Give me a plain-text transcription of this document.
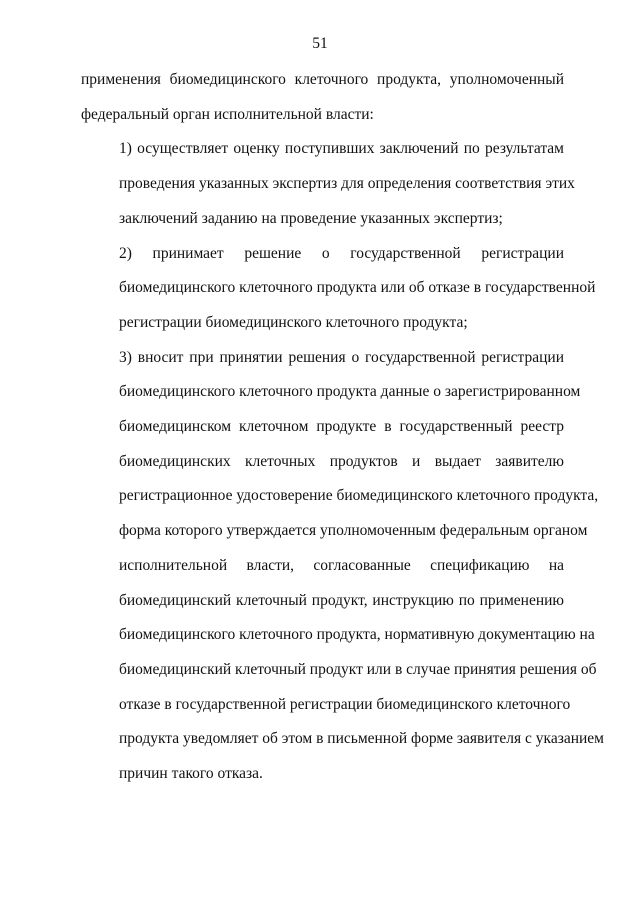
51

применения биомедицинского клеточного продукта, уполномоченный
федеральный орган исполнительной власти:

1) осуществляет оценку поступивших заключений по результатам
проведения указанных экспертиз для определения соответствия этих
заключений заданию на проведение указанных экспертиз;

2) принимает решение о государственной регистрации
биомедицинского клеточного продукта или об отказе в государственной
регистрации биомедицинского клеточного продукта;

3) вносит при принятии решения о государственной регистрации
биомедицинского клеточного продукта данные о зарегистрированном
биомедицинском клеточном продукте в государственный реестр
биомедицинских клеточных продуктов и выдает заявителю
регистрационное удостоверение биомедицинского клеточного продукта,
форма которого утверждается уполномоченным федеральным органом
исполнительной власти, согласованные спецификацию на
биомедицинский клеточный продукт, инструкцию по применению
биомедицинского клеточного продукта, нормативную документацию на
биомедицинский клеточный продукт или в случае принятия решения об
отказе в государственной регистрации биомедицинского клеточного
продукта уведомляет об этом в письменной форме заявителя с указанием
причин такого отказа.
